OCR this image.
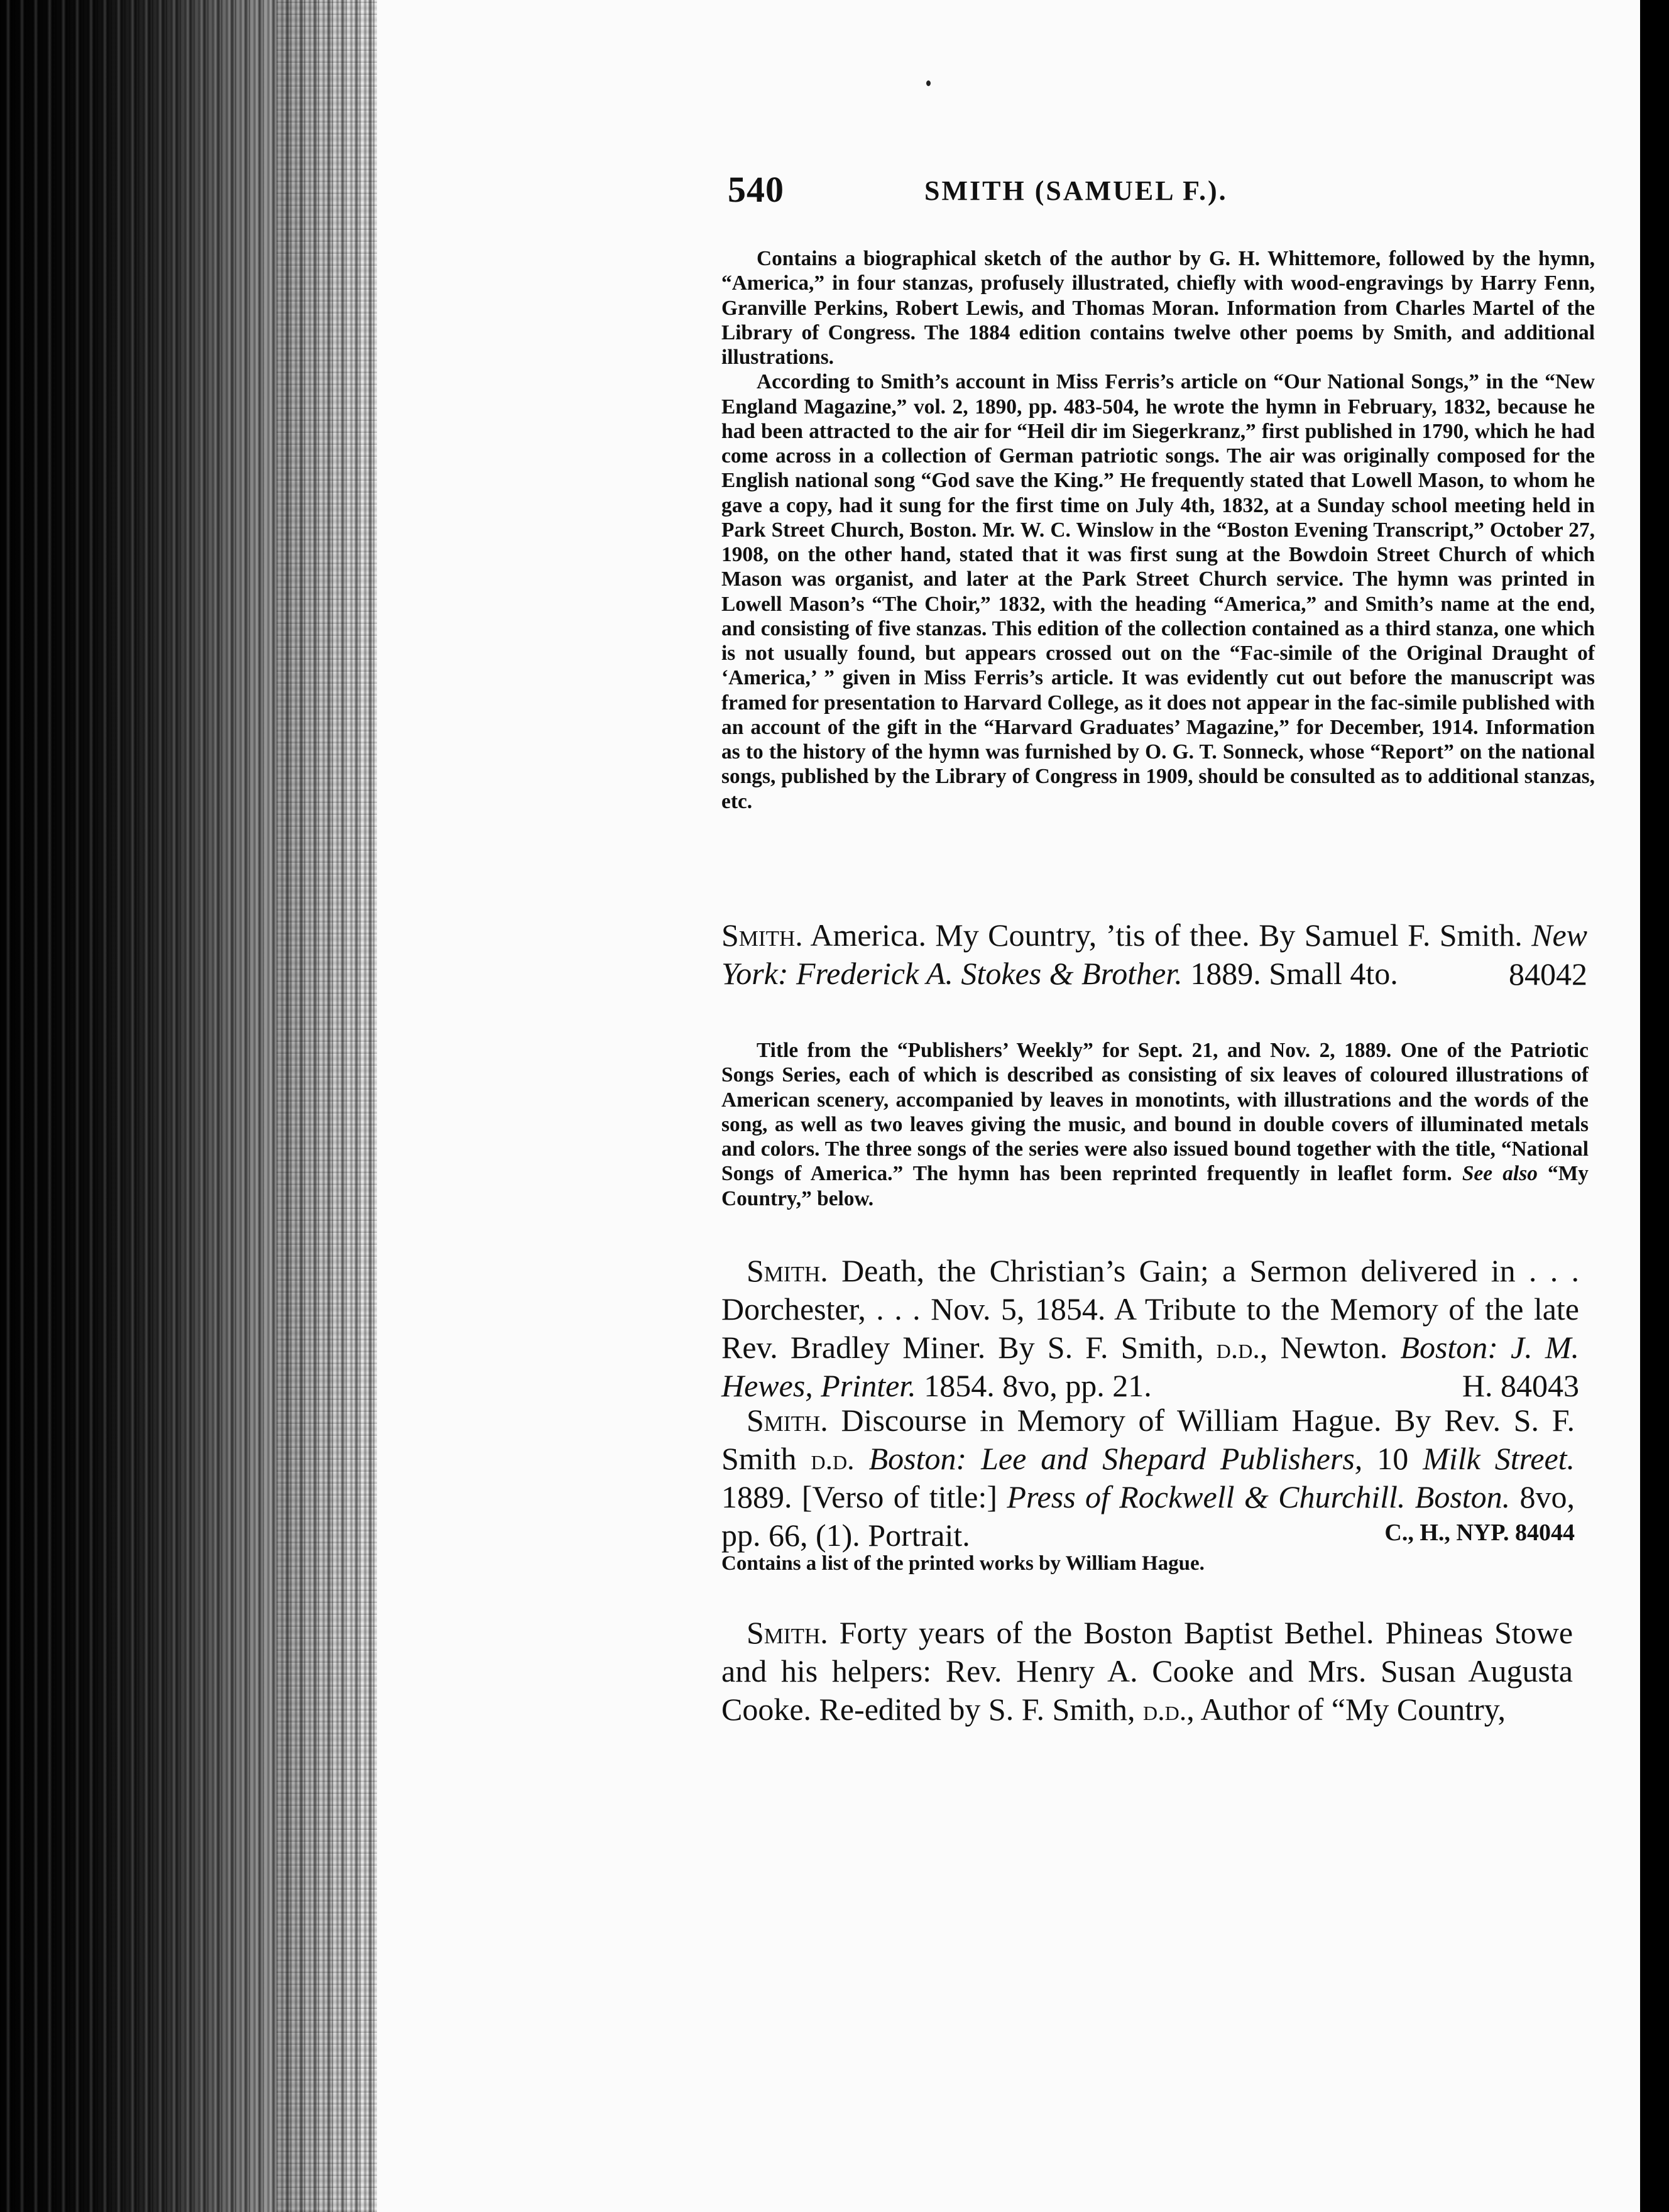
540	SMITH (SAMUEL F.).

Contains a biographical sketch of the author by G. H. Whittemore, followed by the hymn, “America,” in four stanzas, profusely illustrated, chiefly with wood-engravings by Harry Fenn, Granville Perkins, Robert Lewis, and Thomas Moran. Information from Charles Martel of the Library of Congress. The 1884 edition contains twelve other poems by Smith, and additional illustrations.

According to Smith’s account in Miss Ferris’s article on “Our National Songs,” in the “New England Magazine,” vol. 2, 1890, pp. 483-504, he wrote the hymn in February, 1832, because he had been attracted to the air for “Heil dir im Siegerkranz,” first published in 1790, which he had come across in a collection of German patriotic songs. The air was originally composed for the English national song “God save the King.” He frequently stated that Lowell Mason, to whom he gave a copy, had it sung for the first time on July 4th, 1832, at a Sunday school meeting held in Park Street Church, Boston. Mr. W. C. Winslow in the “Boston Evening Transcript,” October 27, 1908, on the other hand, stated that it was first sung at the Bowdoin Street Church of which Mason was organist, and later at the Park Street Church service. The hymn was printed in Lowell Mason’s “The Choir,” 1832, with the heading “America,” and Smith’s name at the end, and consisting of five stanzas. This edition of the collection contained as a third stanza, one which is not usually found, but appears crossed out on the “Fac-simile of the Original Draught of ‘America,’ ” given in Miss Ferris’s article. It was evidently cut out before the manuscript was framed for presentation to Harvard College, as it does not appear in the fac-simile published with an account of the gift in the “Harvard Graduates’ Magazine,” for December, 1914. Information as to the history of the hymn was furnished by O. G. T. Sonneck, whose “Report” on the national songs, published by the Library of Congress in 1909, should be consulted as to additional stanzas, etc.

Smith. America. My Country, ’tis of thee. By Samuel F. Smith. New York: Frederick A. Stokes & Brother. 1889. Small 4to.	84042

Title from the “Publishers’ Weekly” for Sept. 21, and Nov. 2, 1889. One of the Patriotic Songs Series, each of which is described as consisting of six leaves of coloured illustrations of American scenery, accompanied by leaves in monotints, with illustrations and the words of the song, as well as two leaves giving the music, and bound in double covers of illuminated metals and colors. The three songs of the series were also issued bound together with the title, “National Songs of America.” The hymn has been reprinted frequently in leaflet form. See also “My Country,” below.

Smith. Death, the Christian’s Gain; a Sermon delivered in . . . Dorchester, . . . Nov. 5, 1854. A Tribute to the Memory of the late Rev. Bradley Miner. By S. F. Smith, d.d., Newton. Boston: J. M. Hewes, Printer. 1854. 8vo, pp. 21.	H. 84043

Smith. Discourse in Memory of William Hague. By Rev. S. F. Smith d.d. Boston: Lee and Shepard Publishers, 10 Milk Street. 1889. [Verso of title:] Press of Rockwell & Churchill. Boston. 8vo, pp. 66, (1). Portrait.	C., H., NYP. 84044
Contains a list of the printed works by William Hague.

Smith. Forty years of the Boston Baptist Bethel. Phineas Stowe and his helpers: Rev. Henry A. Cooke and Mrs. Susan Augusta Cooke. Re-edited by S. F. Smith, d.d., Author of “My Country,
